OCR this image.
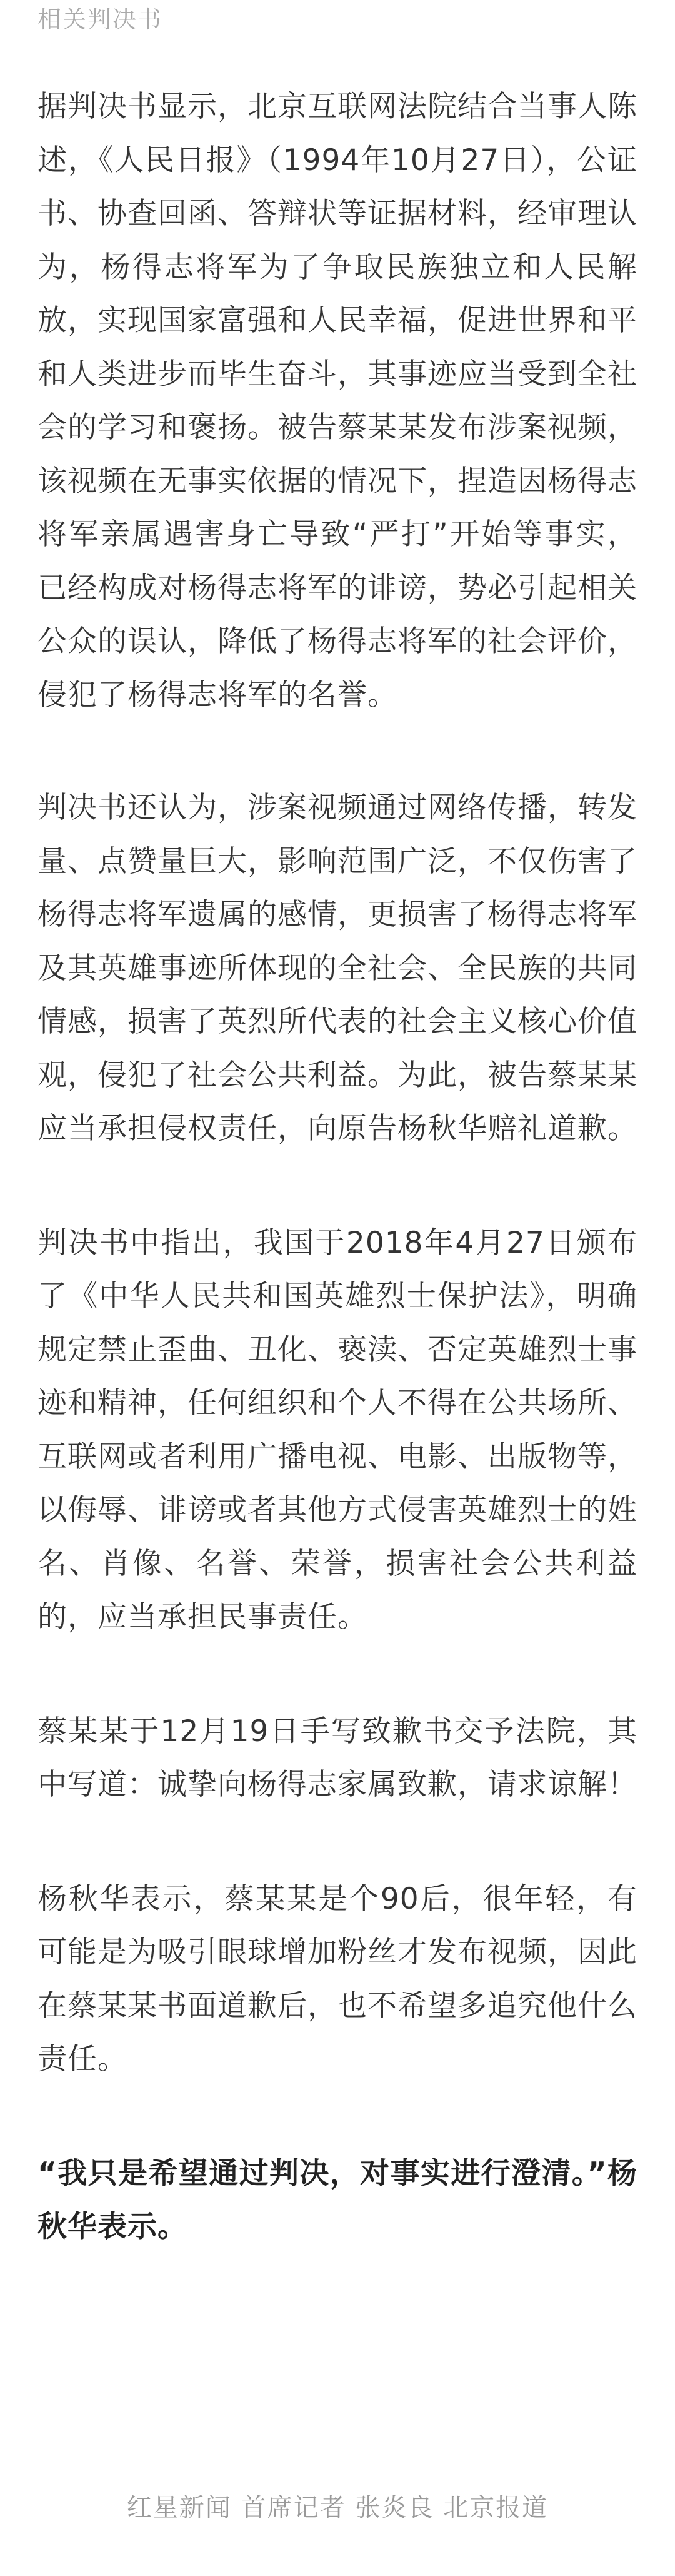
相关判决书

据判决书显示，北京互联网法院结合当事人陈述，《人民日报》（1994年10月27日），公证书、协查回函、答辩状等证据材料，经审理认为，杨得志将军为了争取民族独立和人民解放，实现国家富强和人民幸福，促进世界和平和人类进步而毕生奋斗，其事迹应当受到全社会的学习和褒扬。被告蔡某某发布涉案视频，该视频在无事实依据的情况下，捏造因杨得志将军亲属遇害身亡导致“严打”开始等事实，已经构成对杨得志将军的诽谤，势必引起相关公众的误认，降低了杨得志将军的社会评价，侵犯了杨得志将军的名誉。

判决书还认为，涉案视频通过网络传播，转发量、点赞量巨大，影响范围广泛，不仅伤害了杨得志将军遗属的感情，更损害了杨得志将军及其英雄事迹所体现的全社会、全民族的共同情感，损害了英烈所代表的社会主义核心价值观，侵犯了社会公共利益。为此，被告蔡某某应当承担侵权责任，向原告杨秋华赔礼道歉。

判决书中指出，我国于2018年4月27日颁布了《中华人民共和国英雄烈士保护法》，明确规定禁止歪曲、丑化、亵渎、否定英雄烈士事迹和精神，任何组织和个人不得在公共场所、互联网或者利用广播电视、电影、出版物等，以侮辱、诽谤或者其他方式侵害英雄烈士的姓名、肖像、名誉、荣誉，损害社会公共利益的，应当承担民事责任。

蔡某某于12月19日手写致歉书交予法院，其中写道：诚挚向杨得志家属致歉，请求谅解！

杨秋华表示，蔡某某是个90后，很年轻，有可能是为吸引眼球增加粉丝才发布视频，因此在蔡某某书面道歉后，也不希望多追究他什么责任。

“我只是希望通过判决，对事实进行澄清。”杨秋华表示。

红星新闻 首席记者 张炎良 北京报道
